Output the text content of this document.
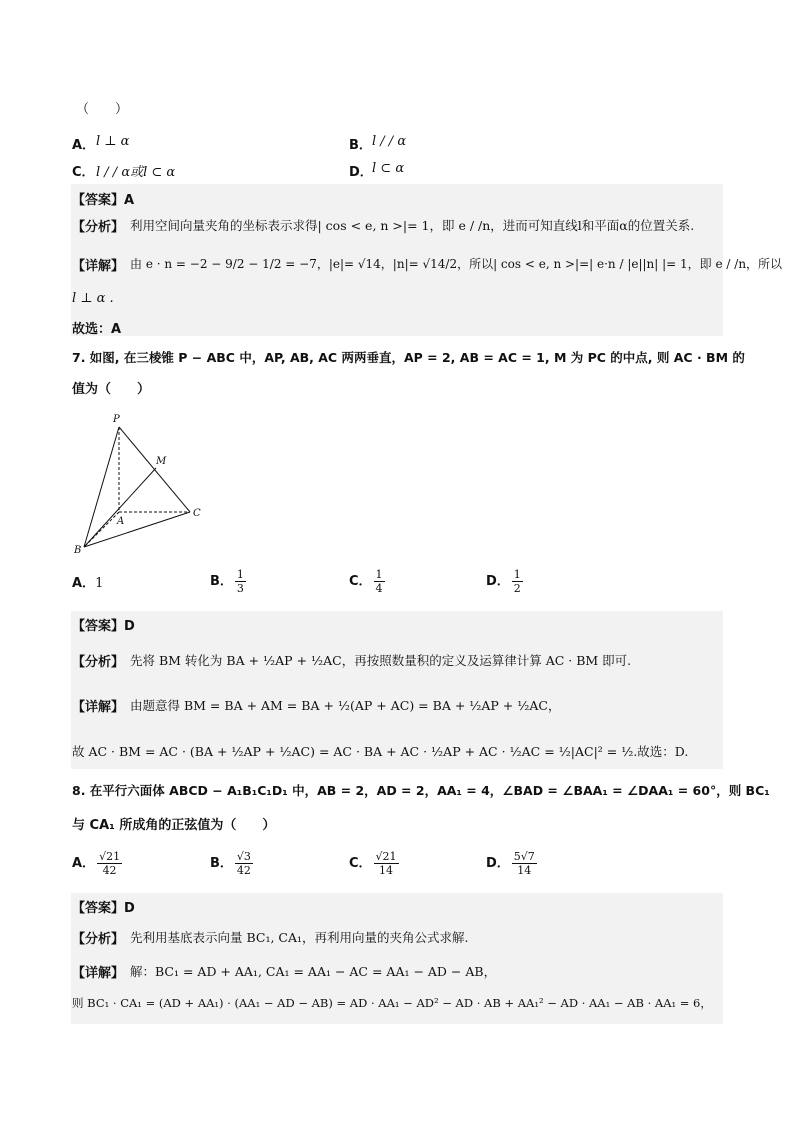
（　　）
A． l ⊥ α	B． l / / α
C． l / / α或l ⊂ α	D． l ⊂ α
【答案】A
【分析】 利用空间向量夹角的坐标表示求得| cos < e, n >|= 1，即 e / /n，进而可知直线l和平面α的位置关系.
【详解】 由 e · n = −2 − 9/2 − 1/2 = −7，|e|= √14，|n|= √14/2，所以| cos < e, n >|=| e·n / |e||n| |= 1，即 e / /n，所以
l ⊥ α .
故选：A
7. 如图, 在三棱锥 P − ABC 中，AP, AB, AC 两两垂直，AP = 2, AB = AC = 1, M 为 PC 的中点, 则 AC · BM 的
值为（　　）
P
M
A
B
C
A．1	B． $\frac{1}{3}$	C． $\frac{1}{4}$	D． $\frac{1}{2}$
【答案】D
【分析】 先将 BM 转化为 BA + ½AP + ½AC，再按照数量积的定义及运算律计算 AC · BM 即可.
【详解】 由题意得 BM = BA + AM = BA + ½(AP + AC) = BA + ½AP + ½AC，
故 AC · BM = AC · (BA + ½AP + ½AC) = AC · BA + AC · ½AP + AC · ½AC = ½|AC|² = ½.故选：D.
8. 在平行六面体 ABCD − A₁B₁C₁D₁ 中，AB = 2，AD = 2，AA₁ = 4，∠BAD = ∠BAA₁ = ∠DAA₁ = 60°，则 BC₁
与 CA₁ 所成角的正弦值为（　　）
A． $\frac{√21}{42}$	B． $\frac{√3}{42}$	C． $\frac{√21}{14}$	D． $\frac{5√7}{14}$
【答案】D
【分析】 先利用基底表示向量 BC₁, CA₁，再利用向量的夹角公式求解.
【详解】 解：BC₁ = AD + AA₁, CA₁ = AA₁ − AC = AA₁ − AD − AB，
则 BC₁ · CA₁ = (AD + AA₁) · (AA₁ − AD − AB) = AD · AA₁ − AD² − AD · AB + AA₁² − AD · AA₁ − AB · AA₁ = 6，
